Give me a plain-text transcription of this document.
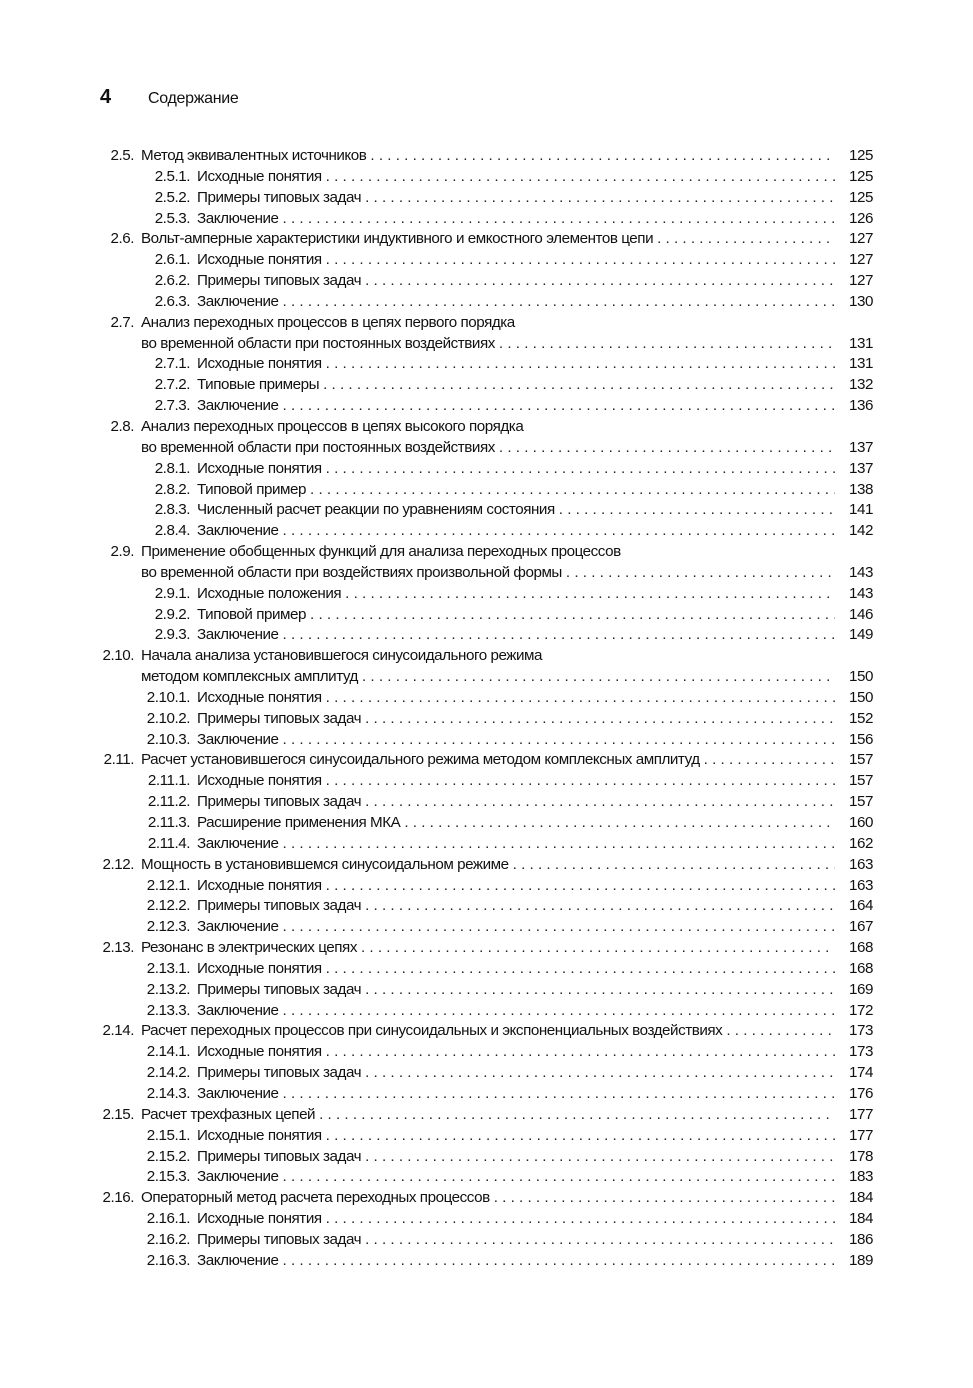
4	Содержание
2.5. Метод эквивалентных источников . . .	125
2.5.1. Исходные понятия . . .	125
2.5.2. Примеры типовых задач . . .	125
2.5.3. Заключение . . .	126
2.6. Вольт-амперные характеристики индуктивного и емкостного элементов цепи . . .	127
2.6.1. Исходные понятия . . .	127
2.6.2. Примеры типовых задач . . .	127
2.6.3. Заключение . . .	130
2.7. Анализ переходных процессов в цепях первого порядка
во временной области при постоянных воздействиях . . .	131
2.7.1. Исходные понятия . . .	131
2.7.2. Типовые примеры . . .	132
2.7.3. Заключение . . .	136
2.8. Анализ переходных процессов в цепях высокого порядка
во временной области при постоянных воздействиях . . .	137
2.8.1. Исходные понятия . . .	137
2.8.2. Типовой пример . . .	138
2.8.3. Численный расчет реакции по уравнениям состояния . . .	141
2.8.4. Заключение . . .	142
2.9. Применение обобщенных функций для анализа переходных процессов
во временной области при воздействиях произвольной формы . . .	143
2.9.1. Исходные положения . . .	143
2.9.2. Типовой пример . . .	146
2.9.3. Заключение . . .	149
2.10. Начала анализа установившегося синусоидального режима
методом комплексных амплитуд . . .	150
2.10.1. Исходные понятия . . .	150
2.10.2. Примеры типовых задач . . .	152
2.10.3. Заключение . . .	156
2.11. Расчет установившегося синусоидального режима методом комплексных амплитуд . . .	157
2.11.1. Исходные понятия . . .	157
2.11.2. Примеры типовых задач . . .	157
2.11.3. Расширение применения МКА . . .	160
2.11.4. Заключение . . .	162
2.12. Мощность в установившемся синусоидальном режиме . . .	163
2.12.1. Исходные понятия . . .	163
2.12.2. Примеры типовых задач . . .	164
2.12.3. Заключение . . .	167
2.13. Резонанс в электрических цепях . . .	168
2.13.1. Исходные понятия . . .	168
2.13.2. Примеры типовых задач . . .	169
2.13.3. Заключение . . .	172
2.14. Расчет переходных процессов при синусоидальных и экспоненциальных воздействиях . . .	173
2.14.1. Исходные понятия . . .	173
2.14.2. Примеры типовых задач . . .	174
2.14.3. Заключение . . .	176
2.15. Расчет трехфазных цепей . . .	177
2.15.1. Исходные понятия . . .	177
2.15.2. Примеры типовых задач . . .	178
2.15.3. Заключение . . .	183
2.16. Операторный метод расчета переходных процессов . . .	184
2.16.1. Исходные понятия . . .	184
2.16.2. Примеры типовых задач . . .	186
2.16.3. Заключение . . .	189
